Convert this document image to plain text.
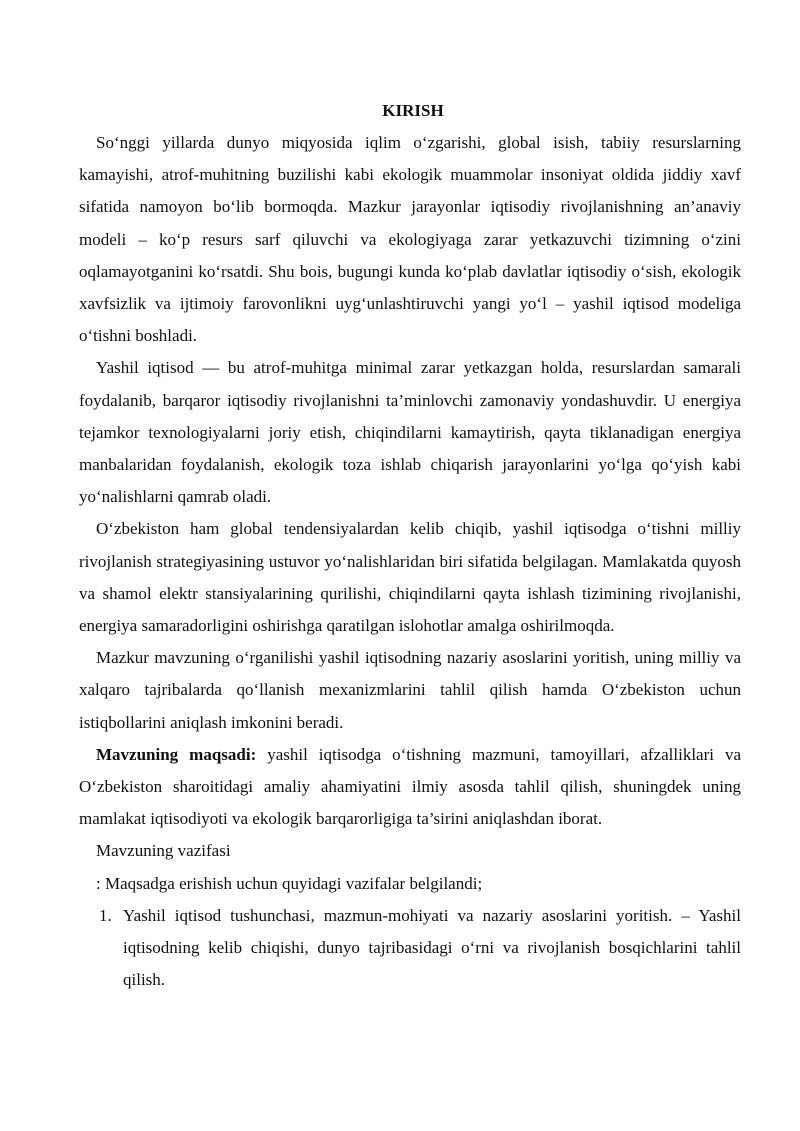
KIRISH

So‘nggi yillarda dunyo miqyosida iqlim o‘zgarishi, global isish, tabiiy resurslarning kamayishi, atrof-muhitning buzilishi kabi ekologik muammolar insoniyat oldida jiddiy xavf sifatida namoyon bo‘lib bormoqda. Mazkur jarayonlar iqtisodiy rivojlanishning an’anaviy modeli – ko‘p resurs sarf qiluvchi va ekologiyaga zarar yetkazuvchi tizimning o‘zini oqlamayotganini ko‘rsatdi. Shu bois, bugungi kunda ko‘plab davlatlar iqtisodiy o‘sish, ekologik xavfsizlik va ijtimoiy farovonlikni uyg‘unlashtiruvchi yangi yo‘l – yashil iqtisod modeliga o‘tishni boshladi.

Yashil iqtisod — bu atrof-muhitga minimal zarar yetkazgan holda, resurslardan samarali foydalanib, barqaror iqtisodiy rivojlanishni ta’minlovchi zamonaviy yondashuvdir. U energiya tejamkor texnologiyalarni joriy etish, chiqindilarni kamaytirish, qayta tiklanadigan energiya manbalaridan foydalanish, ekologik toza ishlab chiqarish jarayonlarini yo‘lga qo‘yish kabi yo‘nalishlarni qamrab oladi.

O‘zbekiston ham global tendensiyalardan kelib chiqib, yashil iqtisodga o‘tishni milliy rivojlanish strategiyasining ustuvor yo‘nalishlaridan biri sifatida belgilagan. Mamlakatda quyosh va shamol elektr stansiyalarining qurilishi, chiqindilarni qayta ishlash tizimining rivojlanishi, energiya samaradorligini oshirishga qaratilgan islohotlar amalga oshirilmoqda.

Mazkur mavzuning o‘rganilishi yashil iqtisodning nazariy asoslarini yoritish, uning milliy va xalqaro tajribalarda qo‘llanish mexanizmlarini tahlil qilish hamda O‘zbekiston uchun istiqbollarini aniqlash imkonini beradi.

Mavzuning maqsadi: yashil iqtisodga o‘tishning mazmuni, tamoyillari, afzalliklari va O‘zbekiston sharoitidagi amaliy ahamiyatini ilmiy asosda tahlil qilish, shuningdek uning mamlakat iqtisodiyoti va ekologik barqarorligiga ta’sirini aniqlashdan iborat.

Mavzuning vazifasi

: Maqsadga erishish uchun quyidagi vazifalar belgilandi;

1. Yashil iqtisod tushunchasi, mazmun-mohiyati va nazariy asoslarini yoritish. – Yashil iqtisodning kelib chiqishi, dunyo tajribasidagi o‘rni va rivojlanish bosqichlarini tahlil qilish.
